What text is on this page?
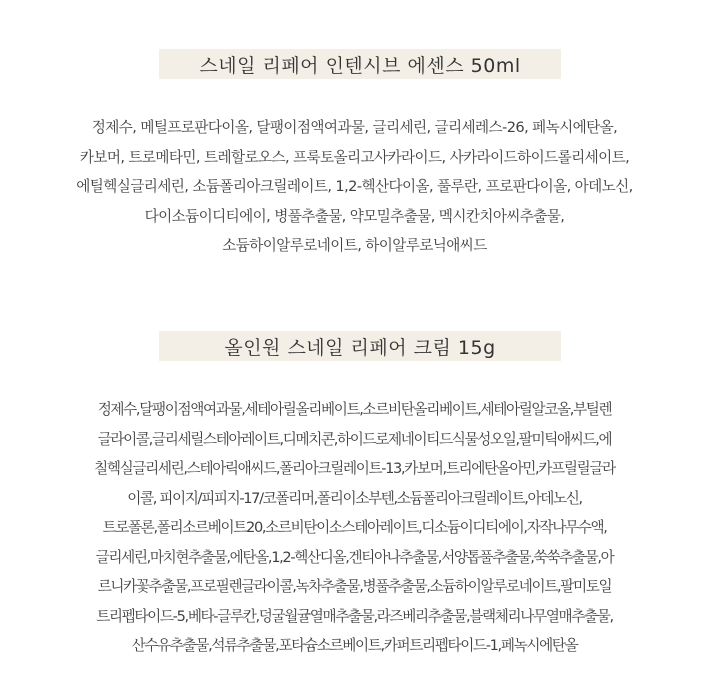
스네일 리페어 인텐시브 에센스 50ml
정제수, 메틸프로판다이올, 달팽이점액여과물, 글리세린, 글리세레스-26, 페녹시에탄올,
카보머, 트로메타민, 트레할로오스, 프룩토올리고사카라이드, 사카라이드하이드롤리세이트,
에틸헥실글리세린, 소듐폴리아크릴레이트, 1,2-헥산다이올, 풀루란, 프로판다이올, 아데노신,
다이소듐이디티에이, 병풀추출물, 약모밀추출물, 멕시칸치아씨추출물,
소듐하이알루로네이트, 하이알루로닉애씨드
올인원 스네일 리페어 크림 15g
정제수,달팽이점액여과물,세테아릴올리베이트,소르비탄올리베이트,세테아릴알코올,부틸렌
글라이콜,글리세릴스테아레이트,디메치콘,하이드로제네이티드식물성오일,팔미틱애씨드,에
칠헥실글리세린,스테아릭애씨드,폴리아크릴레이트-13,카보머,트리에탄올아민,카프릴릴글라
이콜, 피이지/피피지-17/코폴리머,폴리이소부텐,소듐폴리아크릴레이트,아데노신,
트로폴론,폴리소르베이트20,소르비탄이소스테아레이트,디소듐이디티에이,자작나무수액,
글리세린,마치현추출물,에탄올,1,2-헥산디올,겐티아나추출물,서양톱풀추출물,쑥쑥추출물,아
르니카꽃추출물,프로필렌글라이콜,녹차추출물,병풀추출물,소듐하이알루로네이트,팔미토일
트리펩타이드-5,베타-글루칸,덩굴월귤열매추출물,라즈베리추출물,블랙체리나무열매추출물,
산수유추출물,석류추출물,포타슘소르베이트,카퍼트리펩타이드-1,페녹시에탄올
